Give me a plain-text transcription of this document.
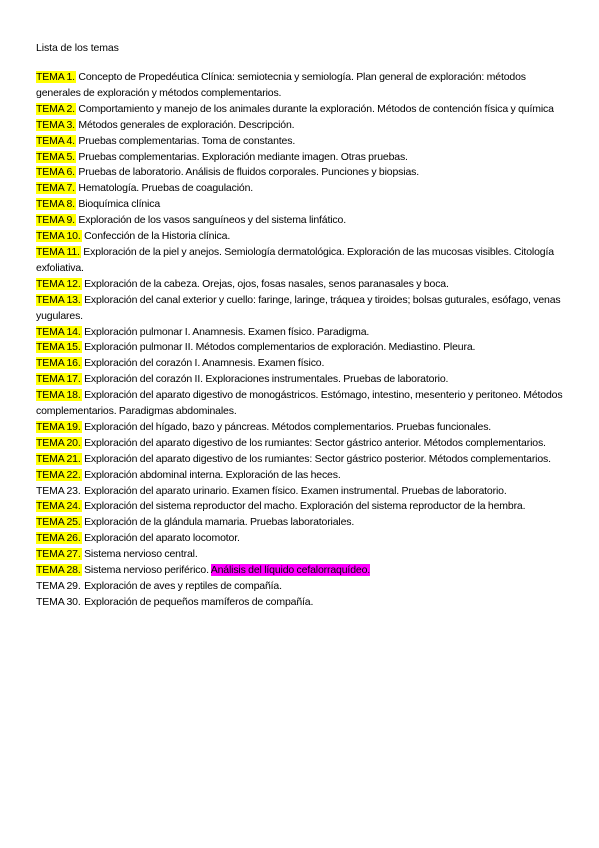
Lista de los temas
TEMA 1. Concepto de Propedéutica Clínica: semiotecnia y semiología. Plan general de exploración: métodos generales de exploración y métodos complementarios.
TEMA 2. Comportamiento y manejo de los animales durante la exploración. Métodos de contención física y química
TEMA 3. Métodos generales de exploración. Descripción.
TEMA 4. Pruebas complementarias. Toma de constantes.
TEMA 5. Pruebas complementarias. Exploración mediante imagen. Otras pruebas.
TEMA 6. Pruebas de laboratorio. Análisis de fluidos corporales. Punciones y biopsias.
TEMA 7. Hematología. Pruebas de coagulación.
TEMA 8. Bioquímica clínica
TEMA 9. Exploración de los vasos sanguíneos y del sistema linfático.
TEMA 10. Confección de la Historia clínica.
TEMA 11. Exploración de la piel y anejos. Semiología dermatológica. Exploración de las mucosas visibles. Citología exfoliativa.
TEMA 12. Exploración de la cabeza. Orejas, ojos, fosas nasales, senos paranasales y boca.
TEMA 13. Exploración del canal exterior y cuello: faringe, laringe, tráquea y tiroides; bolsas guturales, esófago, venas yugulares.
TEMA 14. Exploración pulmonar I. Anamnesis. Examen físico. Paradigma.
TEMA 15. Exploración pulmonar II. Métodos complementarios de exploración. Mediastino. Pleura.
TEMA 16. Exploración del corazón I. Anamnesis. Examen físico.
TEMA 17. Exploración del corazón II. Exploraciones instrumentales. Pruebas de laboratorio.
TEMA 18. Exploración del aparato digestivo de monogástricos. Estómago, intestino, mesenterio y peritoneo. Métodos complementarios. Paradigmas abdominales.
TEMA 19. Exploración del hígado, bazo y páncreas. Métodos complementarios. Pruebas funcionales.
TEMA 20. Exploración del aparato digestivo de los rumiantes: Sector gástrico anterior. Métodos complementarios.
TEMA 21. Exploración del aparato digestivo de los rumiantes: Sector gástrico posterior. Métodos complementarios.
TEMA 22. Exploración abdominal interna. Exploración de las heces.
TEMA 23. Exploración del aparato urinario. Examen físico. Examen instrumental. Pruebas de laboratorio.
TEMA 24. Exploración del sistema reproductor del macho. Exploración del sistema reproductor de la hembra.
TEMA 25. Exploración de la glándula mamaria. Pruebas laboratoriales.
TEMA 26. Exploración del aparato locomotor.
TEMA 27. Sistema nervioso central.
TEMA 28. Sistema nervioso periférico. Análisis del líquido cefalorraquídeo.
TEMA 29. Exploración de aves y reptiles de compañía.
TEMA 30. Exploración de pequeños mamíferos de compañía.
